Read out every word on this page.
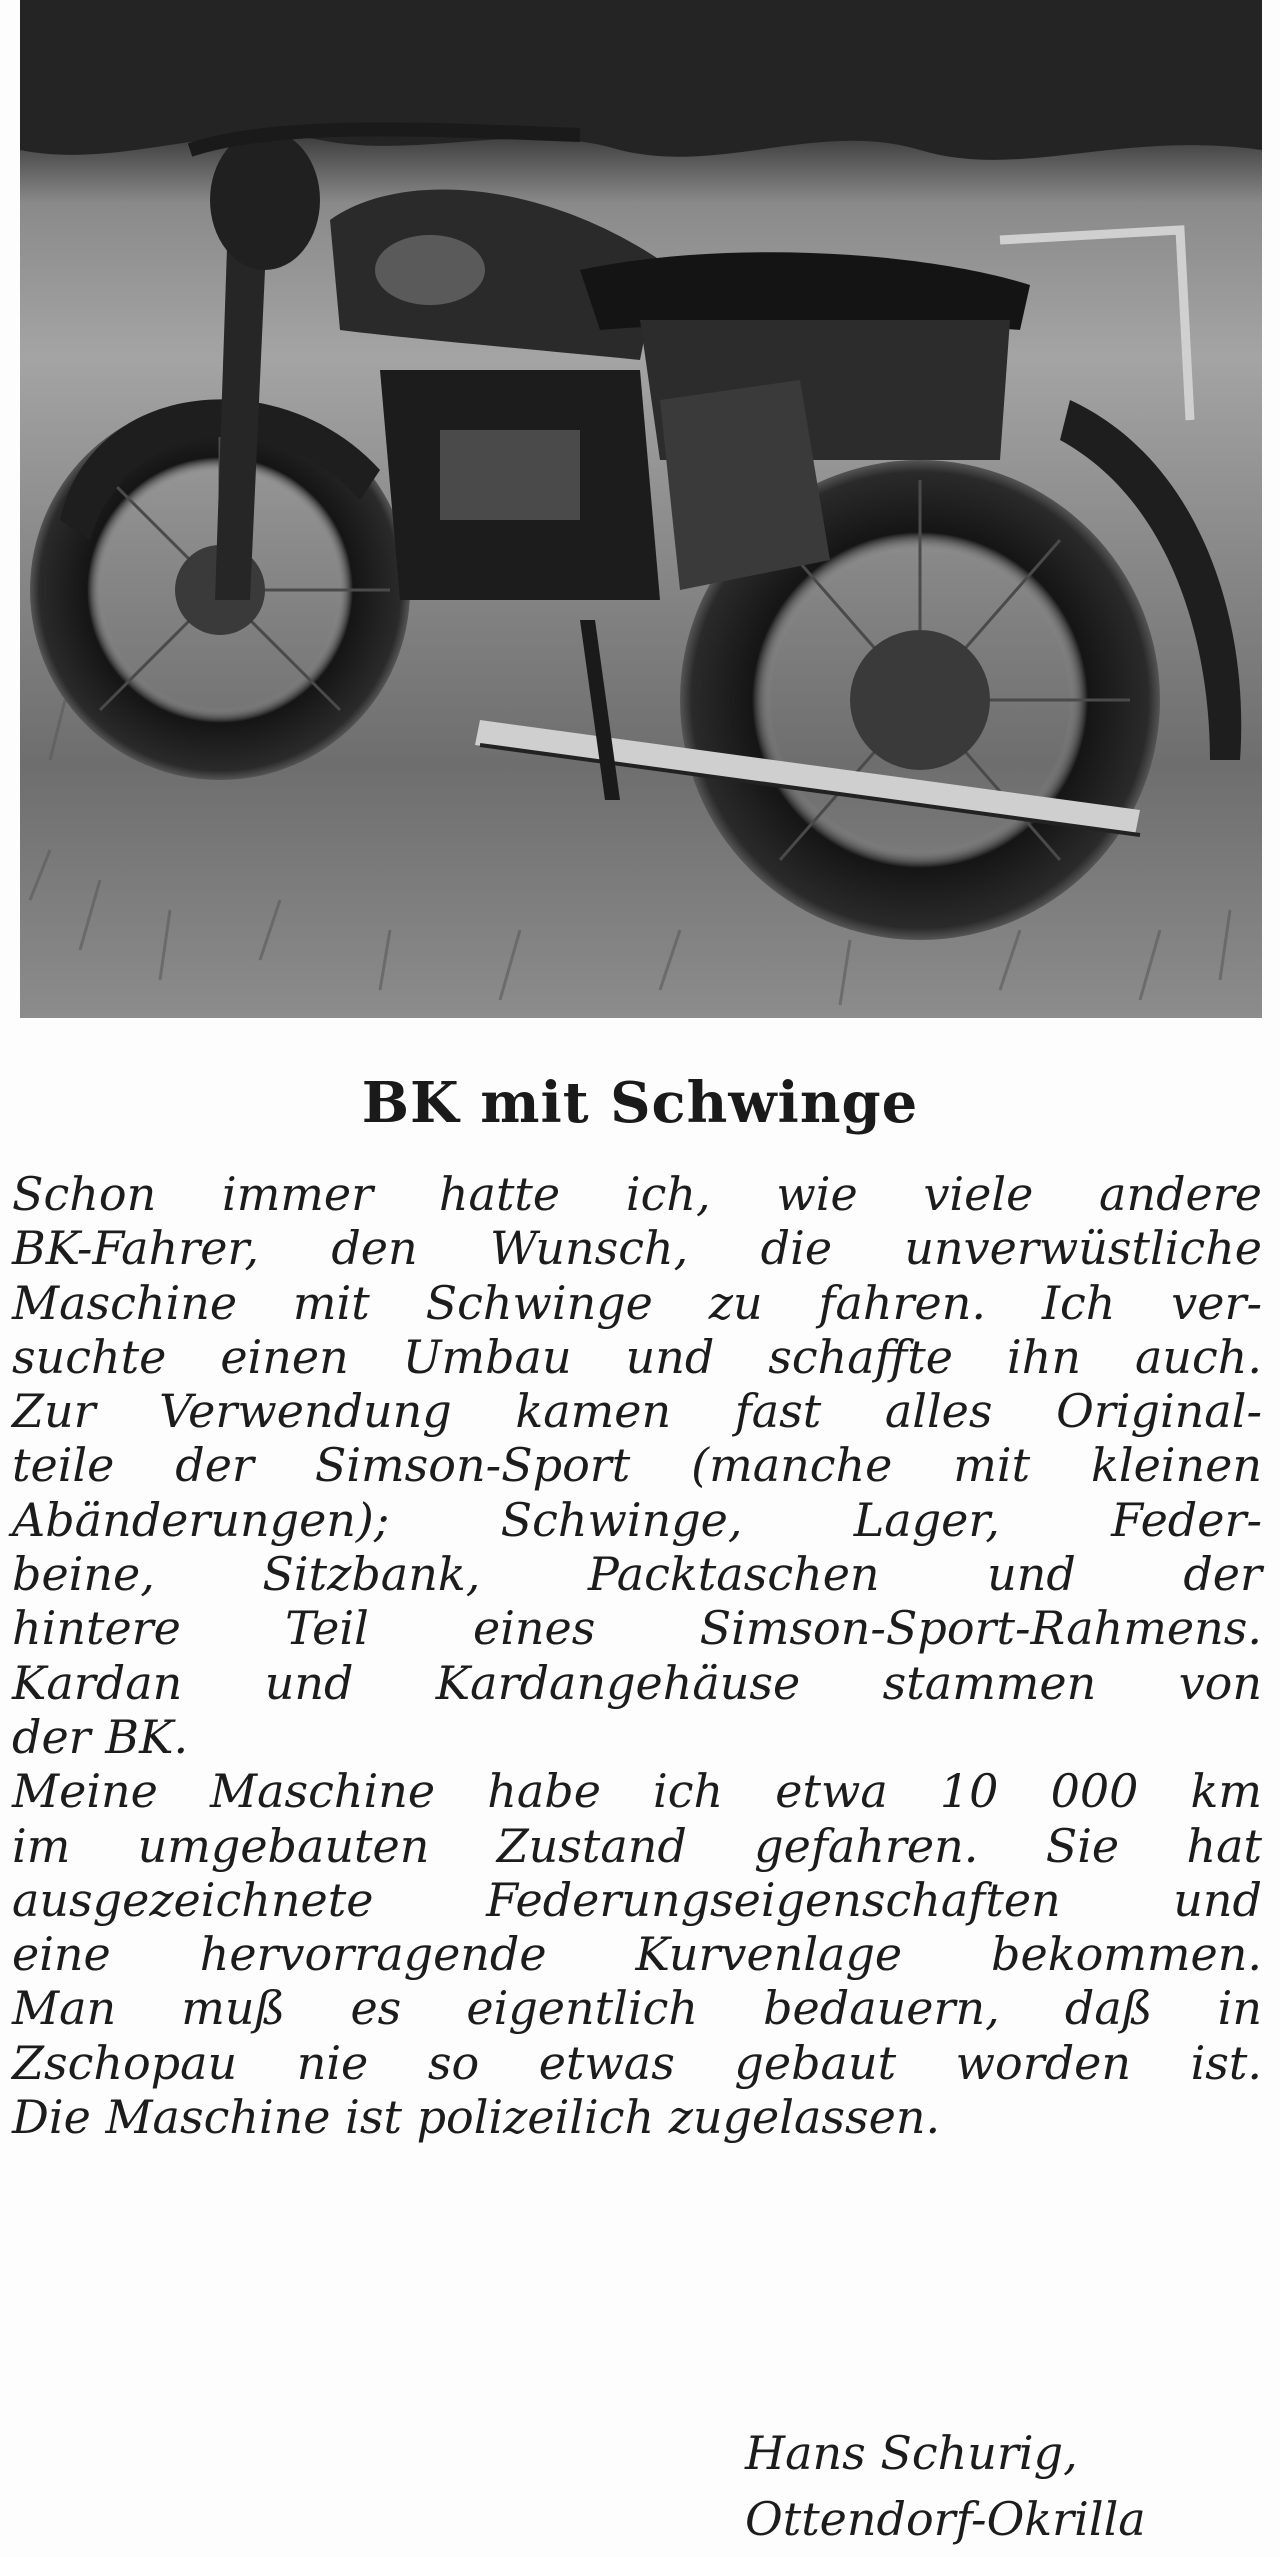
BK mit Schwinge
Schon immer hatte ich, wie viele andere
BK-Fahrer, den Wunsch, die unverwüstliche
Maschine mit Schwinge zu fahren. Ich ver-
suchte einen Umbau und schaffte ihn auch.
Zur Verwendung kamen fast alles Original-
teile der Simson-Sport (manche mit kleinen
Abänderungen); Schwinge, Lager, Feder-
beine, Sitzbank, Packtaschen und der
hintere Teil eines Simson-Sport-Rahmens.
Kardan und Kardangehäuse stammen von
der BK.
Meine Maschine habe ich etwa 10 000 km
im umgebauten Zustand gefahren. Sie hat
ausgezeichnete Federungseigenschaften und
eine hervorragende Kurvenlage bekommen.
Man muß es eigentlich bedauern, daß in
Zschopau nie so etwas gebaut worden ist.
Die Maschine ist polizeilich zugelassen.
Hans Schurig,
Ottendorf-Okrilla
